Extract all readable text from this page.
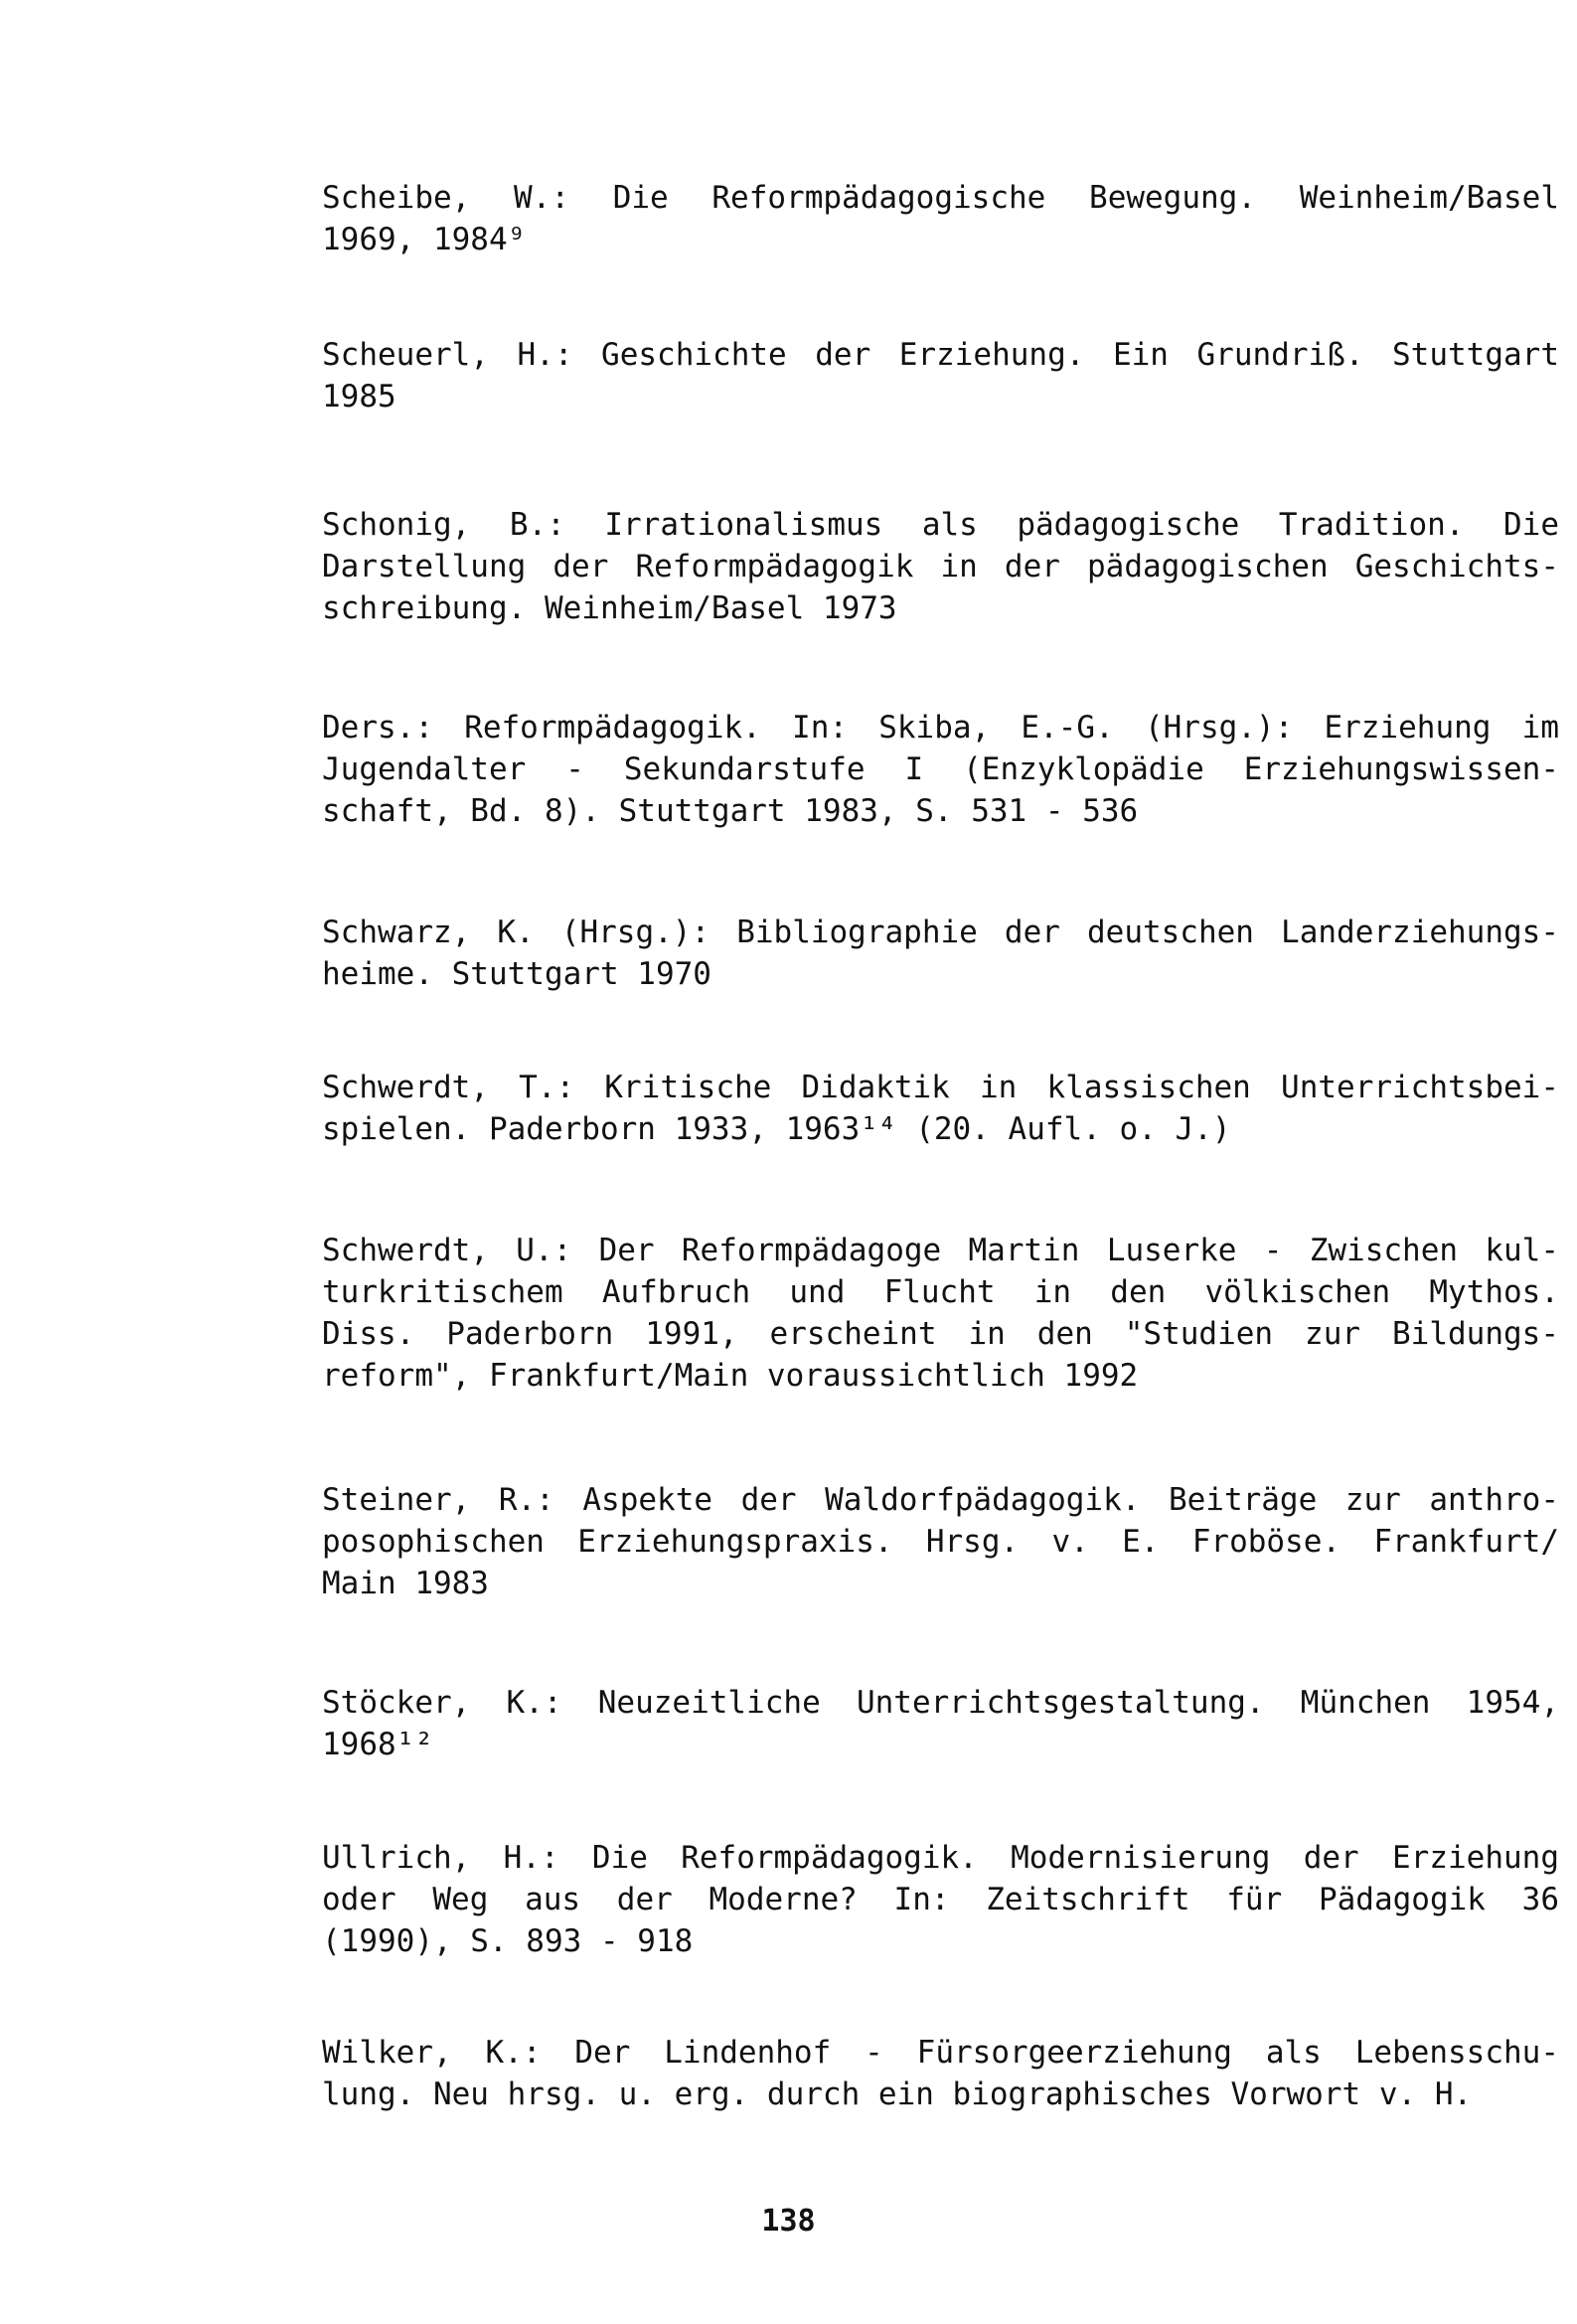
Scheibe, W.: Die Reformpädagogische Bewegung. Weinheim/Basel
1969, 1984⁹
Scheuerl, H.: Geschichte der Erziehung. Ein Grundriß. Stuttgart
1985
Schonig, B.: Irrationalismus als pädagogische Tradition. Die
Darstellung der Reformpädagogik in der pädagogischen Geschichts-
schreibung. Weinheim/Basel 1973
Ders.: Reformpädagogik. In: Skiba, E.-G. (Hrsg.): Erziehung im
Jugendalter - Sekundarstufe I (Enzyklopädie Erziehungswissen-
schaft, Bd. 8). Stuttgart 1983, S. 531 - 536
Schwarz, K. (Hrsg.): Bibliographie der deutschen Landerziehungs-
heime. Stuttgart 1970
Schwerdt, T.: Kritische Didaktik in klassischen Unterrichtsbei-
spielen. Paderborn 1933, 1963¹⁴ (20. Aufl. o. J.)
Schwerdt, U.: Der Reformpädagoge Martin Luserke - Zwischen kul-
turkritischem Aufbruch und Flucht in den völkischen Mythos.
Diss. Paderborn 1991, erscheint in den "Studien zur Bildungs-
reform", Frankfurt/Main voraussichtlich 1992
Steiner, R.: Aspekte der Waldorfpädagogik. Beiträge zur anthro-
posophischen Erziehungspraxis. Hrsg. v. E. Froböse. Frankfurt/
Main 1983
Stöcker, K.: Neuzeitliche Unterrichtsgestaltung. München 1954,
1968¹²
Ullrich, H.: Die Reformpädagogik. Modernisierung der Erziehung
oder Weg aus der Moderne? In: Zeitschrift für Pädagogik 36
(1990), S. 893 - 918
Wilker, K.: Der Lindenhof - Fürsorgeerziehung als Lebensschu-
lung. Neu hrsg. u. erg. durch ein biographisches Vorwort v. H.
138
